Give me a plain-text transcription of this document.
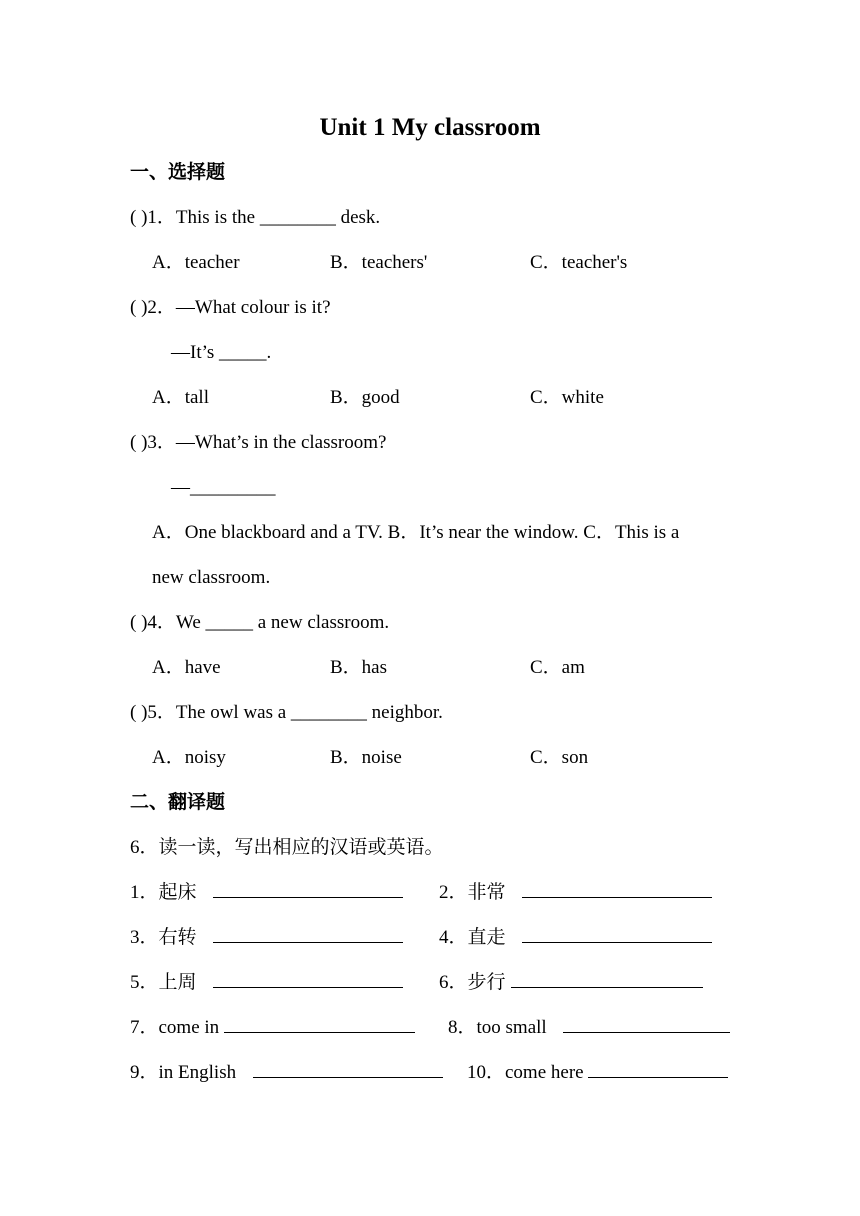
Unit 1 My classroom
一、选择题
( )1．This is the ________ desk.
A．teacher	B．teachers'	C．teacher's
( )2．—What colour is it?
—It’s _____.
A．tall	B．good	C．white
( )3．—What’s in the classroom?
—_________
A．One blackboard and a TV. B．It’s near the window. C．This is a
new classroom.
( )4．We _____ a new classroom.
A．have	B．has	C．am
( )5．The owl was a ________ neighbor.
A．noisy	B．noise	C．son
二、翻译题
6．读一读，写出相应的汉语或英语。
1．起床	2．非常
3．右转	4．直走
5．上周	6．步行
7．come in	8．too small
9．in English	10．come here
